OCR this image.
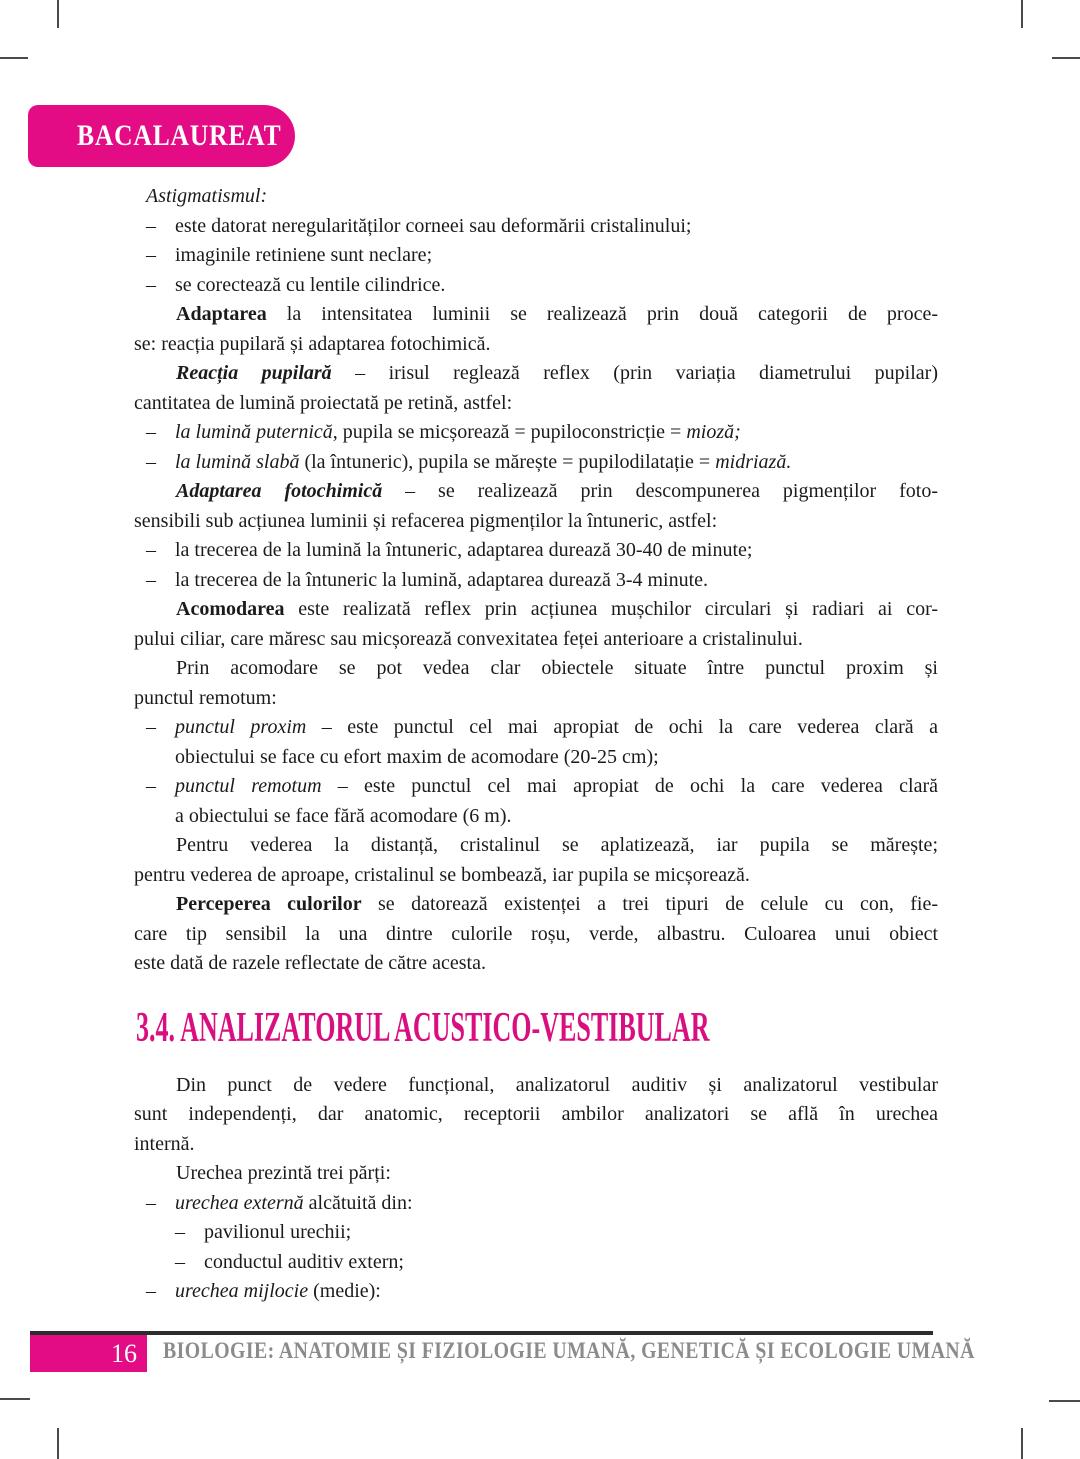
BACALAUREAT
Astigmatismul:
– este datorat neregularităților corneei sau deformării cristalinului;
– imaginile retiniene sunt neclare;
– se corectează cu lentile cilindrice.
Adaptarea la intensitatea luminii se realizează prin două categorii de proce-
se: reacția pupilară și adaptarea fotochimică.
Reacția pupilară – irisul reglează reflex (prin variația diametrului pupilar)
cantitatea de lumină proiectată pe retină, astfel:
– la lumină puternică, pupila se micșorează = pupiloconstricție = mioză;
– la lumină slabă (la întuneric), pupila se mărește = pupilodilatație = midriază.
Adaptarea fotochimică – se realizează prin descompunerea pigmenților foto-
sensibili sub acțiunea luminii și refacerea pigmenților la întuneric, astfel:
– la trecerea de la lumină la întuneric, adaptarea durează 30-40 de minute;
– la trecerea de la întuneric la lumină, adaptarea durează 3-4 minute.
Acomodarea este realizată reflex prin acțiunea mușchilor circulari și radiari ai cor-
pului ciliar, care măresc sau micșorează convexitatea feței anterioare a cristalinului.
Prin acomodare se pot vedea clar obiectele situate între punctul proxim și
punctul remotum:
– punctul proxim – este punctul cel mai apropiat de ochi la care vederea clară a
obiectului se face cu efort maxim de acomodare (20-25 cm);
– punctul remotum – este punctul cel mai apropiat de ochi la care vederea clară
a obiectului se face fără acomodare (6 m).
Pentru vederea la distanță, cristalinul se aplatizează, iar pupila se mărește;
pentru vederea de aproape, cristalinul se bombează, iar pupila se micșorează.
Perceperea culorilor se datorează existenței a trei tipuri de celule cu con, fie-
care tip sensibil la una dintre culorile roșu, verde, albastru. Culoarea unui obiect
este dată de razele reflectate de către acesta.
3.4. ANALIZATORUL ACUSTICO-VESTIBULAR
Din punct de vedere funcțional, analizatorul auditiv și analizatorul vestibular
sunt independenți, dar anatomic, receptorii ambilor analizatori se află în urechea
internă.
Urechea prezintă trei părți:
– urechea externă alcătuită din:
– pavilionul urechii;
– conductul auditiv extern;
– urechea mijlocie (medie):
16 BIOLOGIE: ANATOMIE ȘI FIZIOLOGIE UMANĂ, GENETICĂ ȘI ECOLOGIE UMANĂ
